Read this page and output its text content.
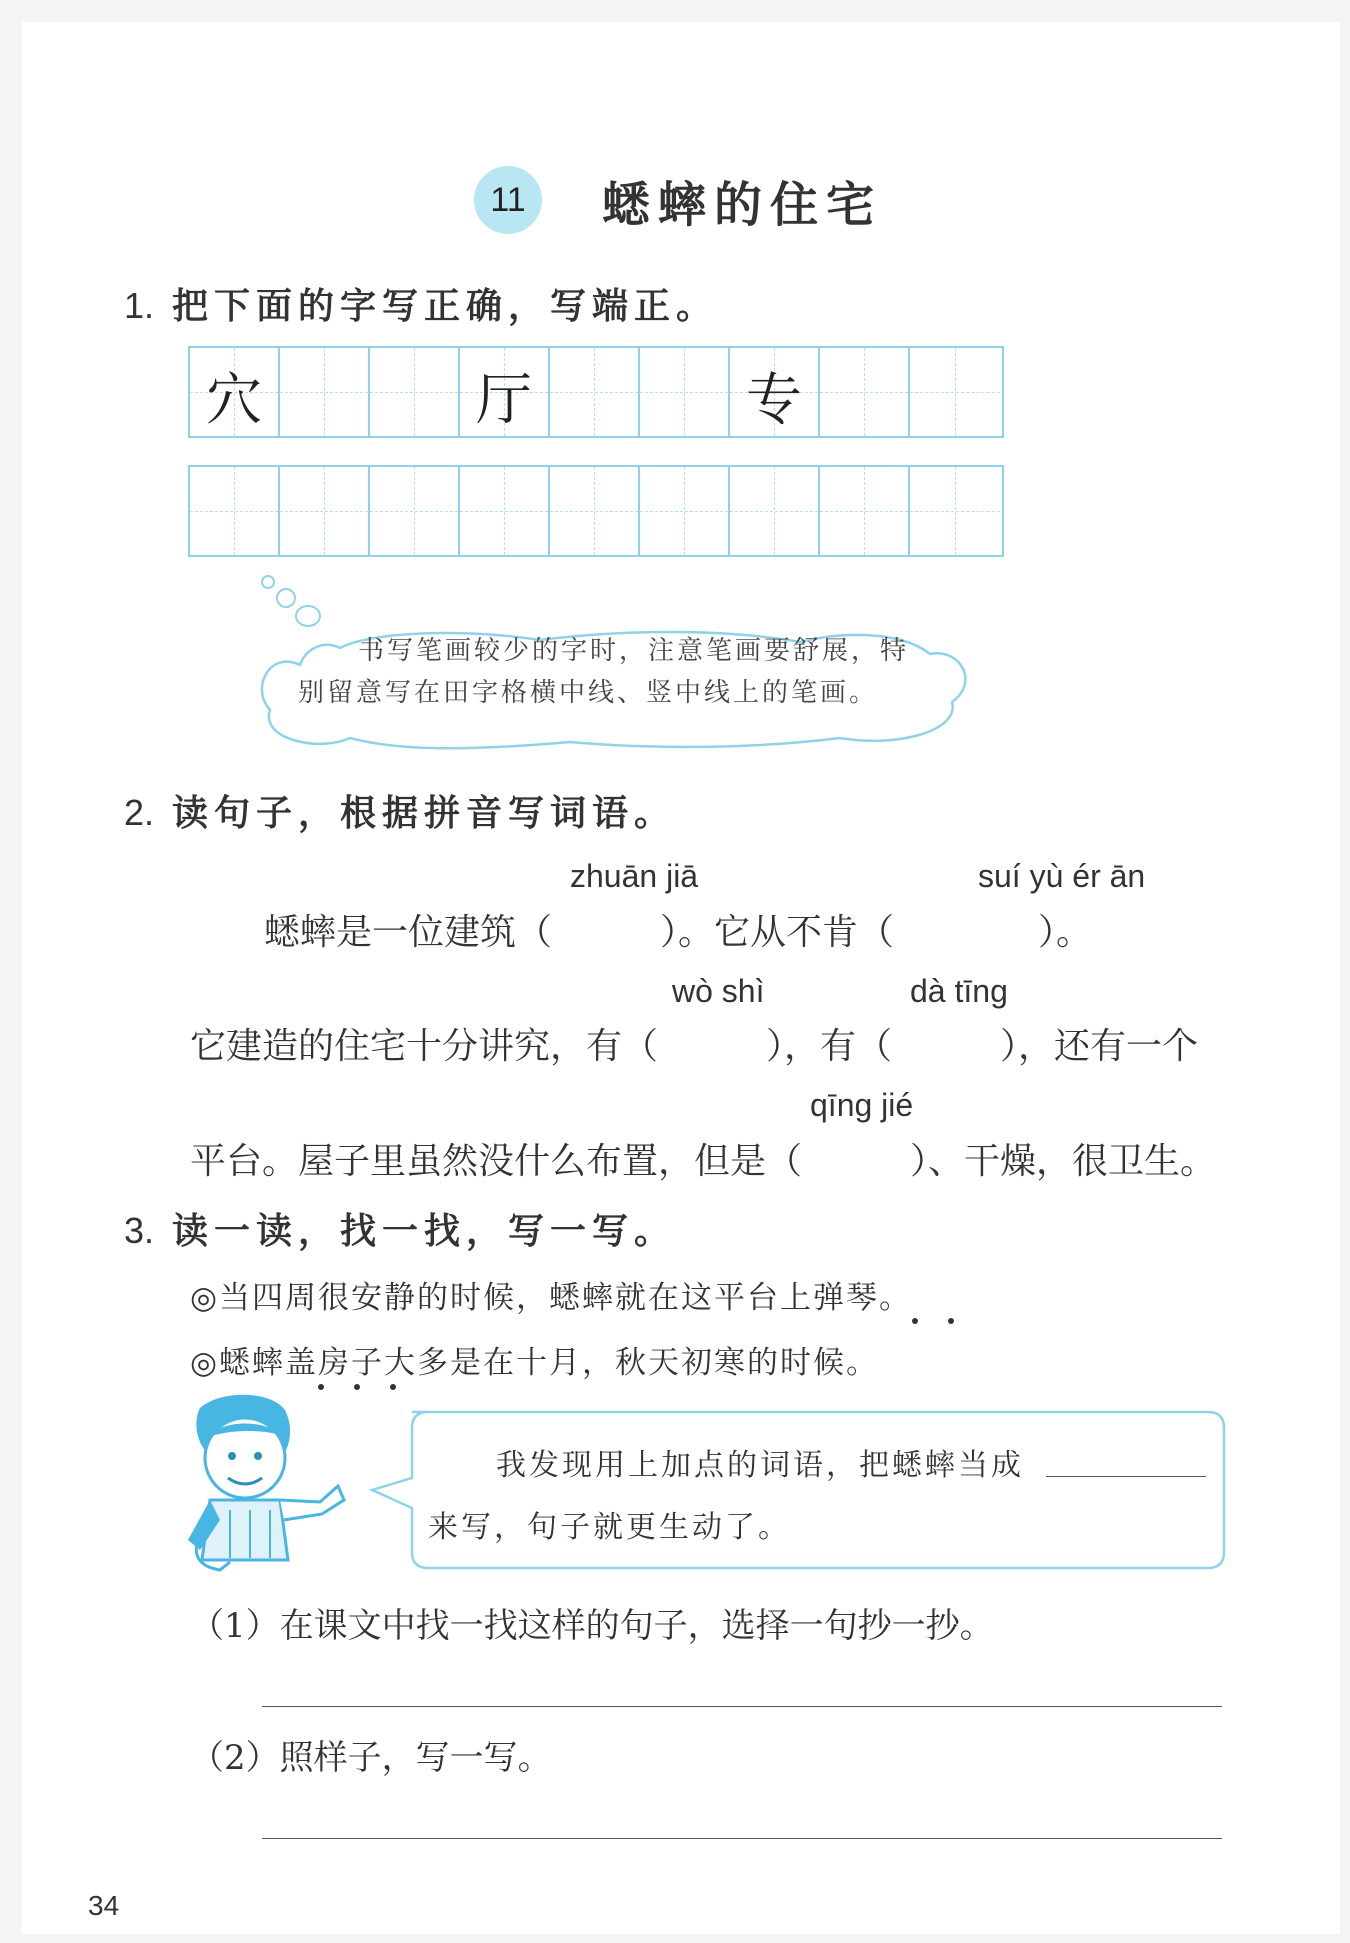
11 蟋蟀的住宅
1. 把下面的字写正确，写端正。
穴	厅	专
书写笔画较少的字时，注意笔画要舒展，特
别留意写在田字格横中线、竖中线上的笔画。
2. 读句子，根据拼音写词语。
zhuān jiā	suí yù ér ān
蟋蟀是一位建筑（　　　）。它从不肯（　　　　）。
wò shì	dà tīng
它建造的住宅十分讲究，有（　　　），有（　　　），还有一个
qīng jié
平台。屋子里虽然没什么布置，但是（　　　）、干燥，很卫生。
3. 读一读，找一找，写一写。
◎当四周很安静的时候，蟋蟀就在这平台上弹琴。
◎蟋蟀盖房子大多是在十月，秋天初寒的时候。
我发现用上加点的词语，把蟋蟀当成
来写，句子就更生动了。
（1）在课文中找一找这样的句子，选择一句抄一抄。
（2）照样子，写一写。
34
